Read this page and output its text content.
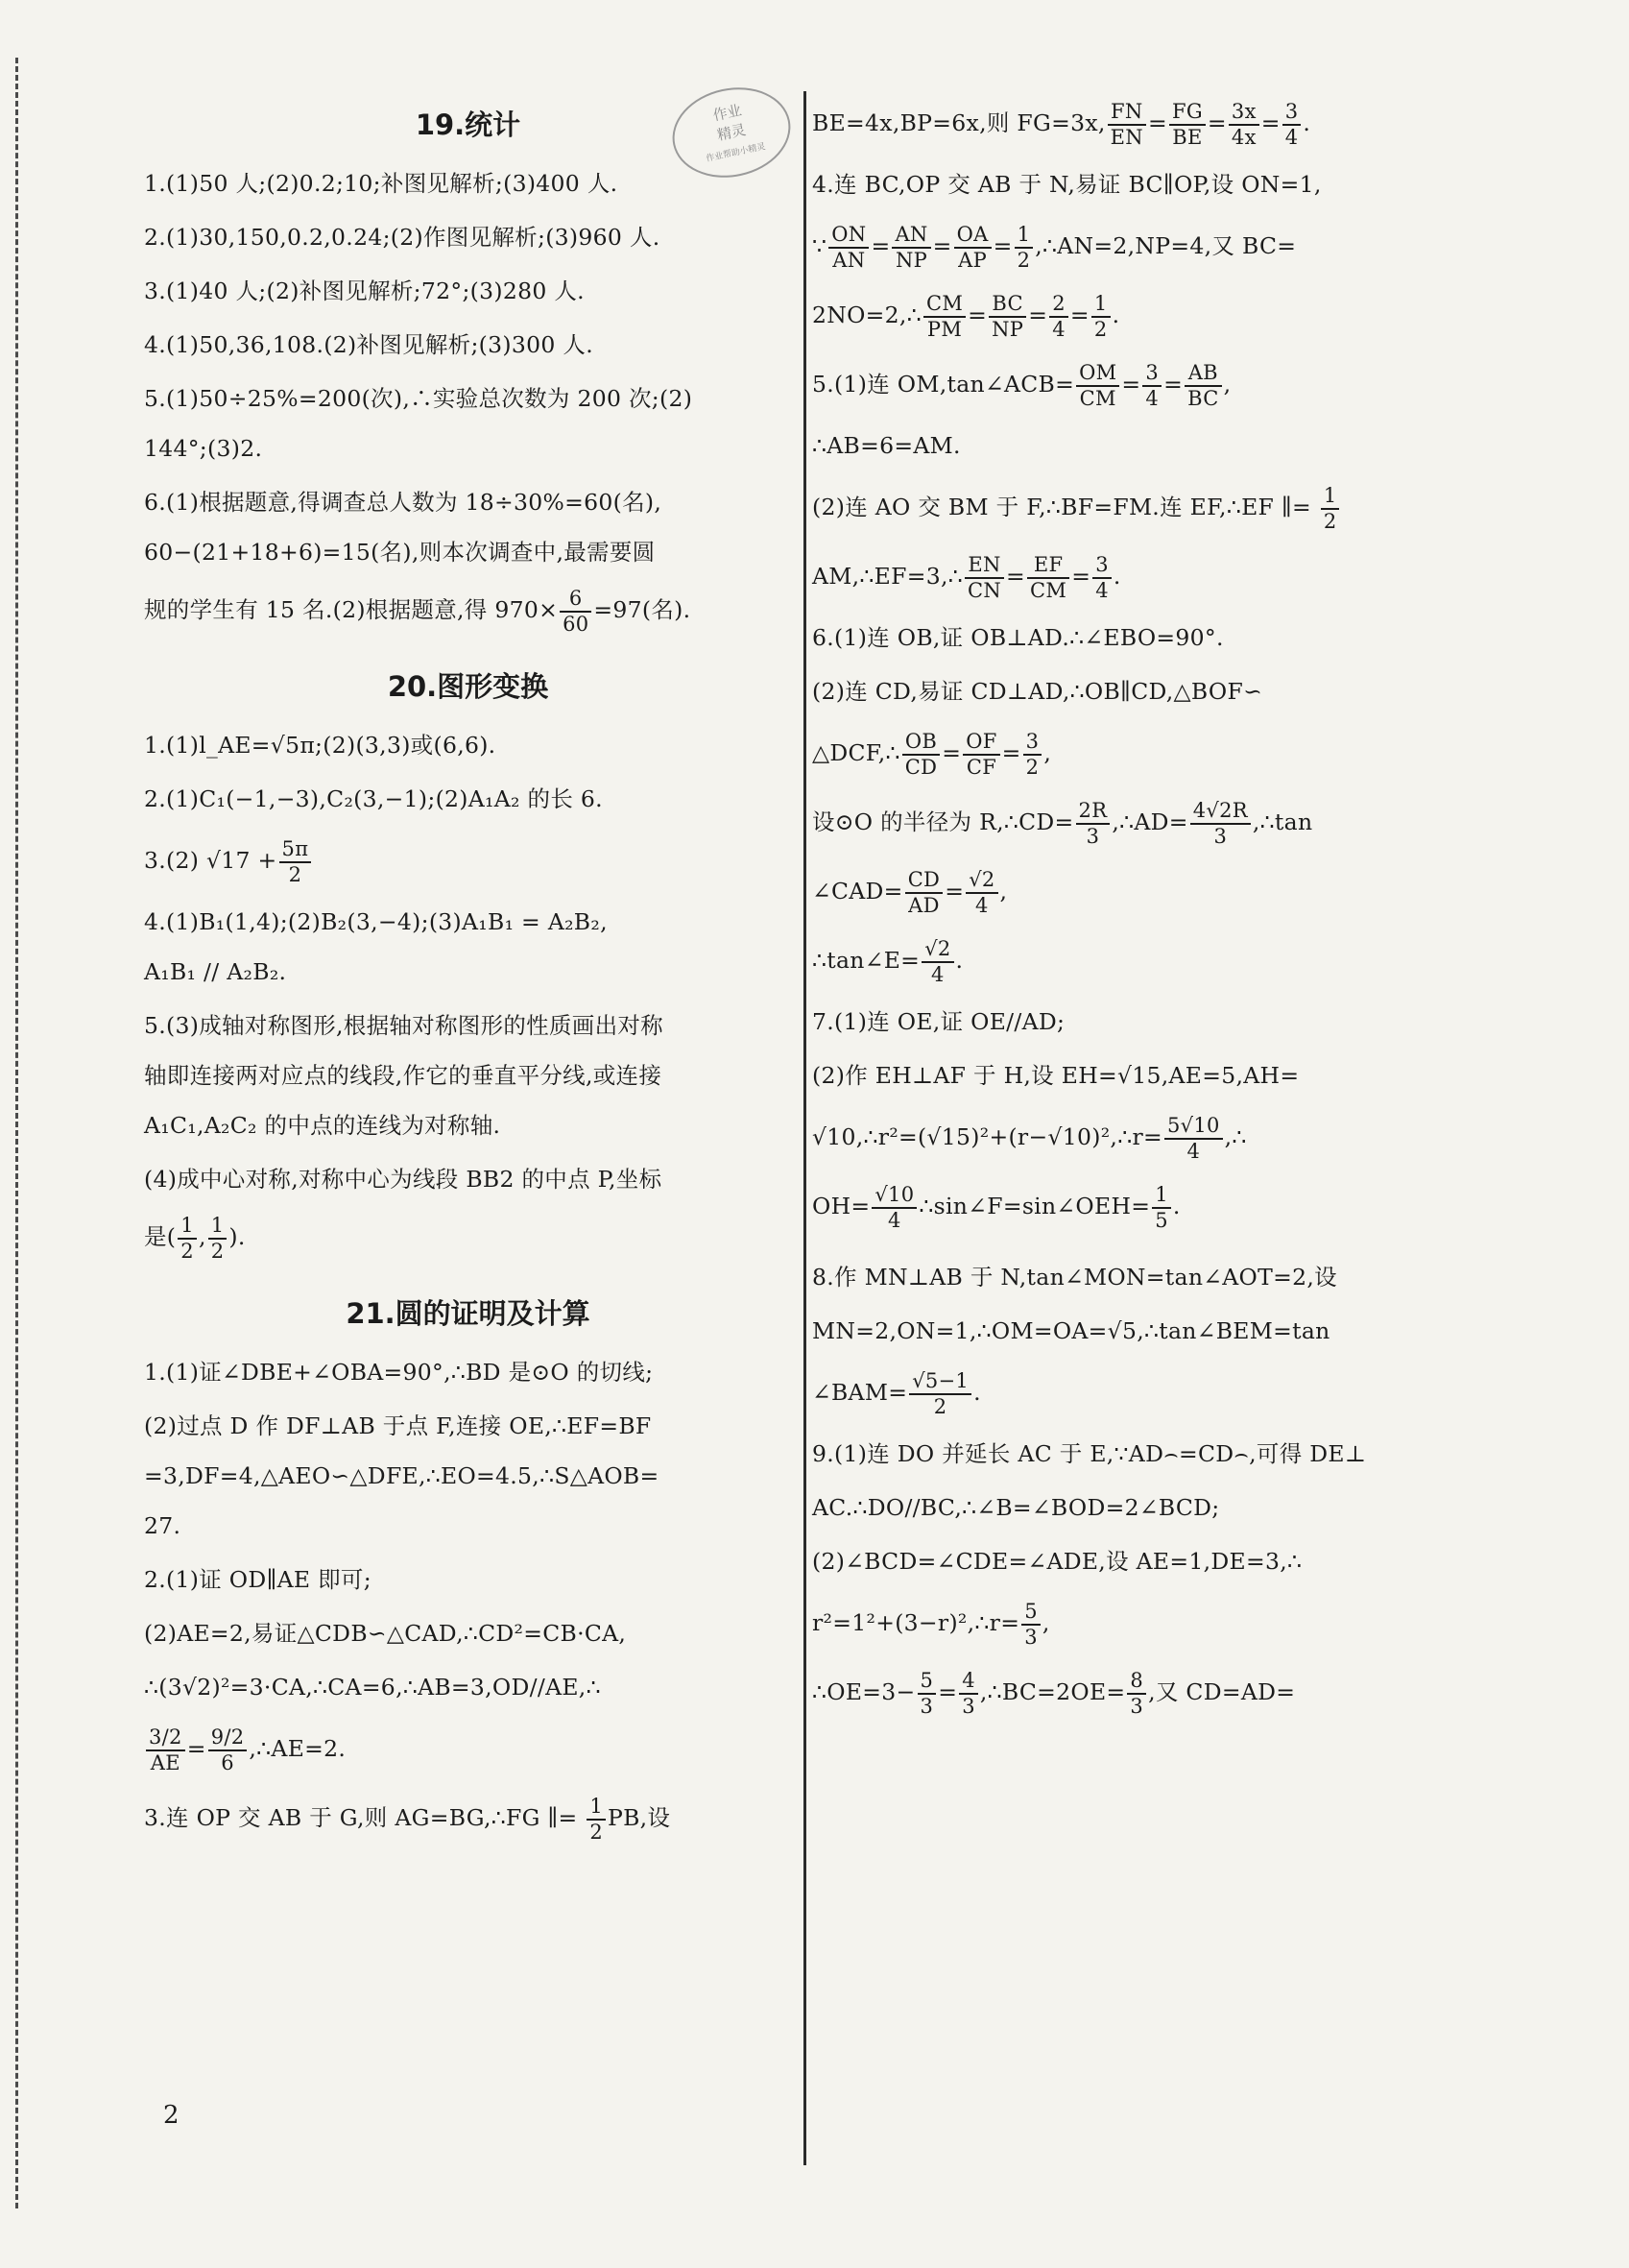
作业
精灵
作业帮助小精灵
19.统计
1.(1)50 人;(2)0.2;10;补图见解析;(3)400 人.
2.(1)30,150,0.2,0.24;(2)作图见解析;(3)960 人.
3.(1)40 人;(2)补图见解析;72°;(3)280 人.
4.(1)50,36,108.(2)补图见解析;(3)300 人.
5.(1)50÷25%=200(次),∴实验总次数为 200 次;(2)
144°;(3)2.
6.(1)根据题意,得调查总人数为 18÷30%=60(名),
60−(21+18+6)=15(名),则本次调查中,最需要圆
规的学生有 15 名.(2)根据题意,得 $970\times \frac{6}{60} =97$(名).
20.图形变换
1.(1)l_AE=√5π;(2)(3,3)或(6,6).
2.(1)C₁(−1,−3),C₂(3,−1);(2)A₁A₂ 的长 6.
3.(2) $√17 + \frac{5\pi}{2}$
4.(1)B₁(1,4);(2)B₂(3,−4);(3)A₁B₁ = A₂B₂,
A₁B₁ // A₂B₂.
5.(3)成轴对称图形,根据轴对称图形的性质画出对称
轴即连接两对应点的线段,作它的垂直平分线,或连接
A₁C₁,A₂C₂ 的中点的连线为对称轴.
(4)成中心对称,对称中心为线段 BB2 的中点 P,坐标
是( $\frac{1}{2}$ , $\frac{1}{2}$ ).
21.圆的证明及计算
1.(1)证∠DBE+∠OBA=90°,∴BD 是⊙O 的切线;
(2)过点 D 作 DF⊥AB 于点 F,连接 OE,∴EF=BF
=3,DF=4,△AEO∽△DFE,∴EO=4.5,∴S△AOB=
27.
2.(1)证 OD∥AE 即可;
(2)AE=2,易证△CDB∽△CAD,∴CD²=CB·CA,
∴(3√2)²=3·CA,∴CA=6,∴AB=3,OD//AE,∴
$\frac{3/2}{AE} = \frac{9/2}{6}$ ,∴AE=2.
3.连 OP 交 AB 于 G,则 AG=BG,∴FG ∥= $\frac{1}{2}$ PB,设
BE=4x,BP=6x,则 FG=3x, $\frac{FN}{EN} = \frac{FG}{BE} = \frac{3x}{4x} = \frac{3}{4}$ .
4.连 BC,OP 交 AB 于 N,易证 BC∥OP,设 ON=1,
∵ $\frac{ON}{AN} = \frac{AN}{NP} = \frac{OA}{AP} = \frac{1}{2}$ ,∴AN=2,NP=4,又 BC=
2NO=2,∴ $\frac{CM}{PM} = \frac{BC}{NP} = \frac{2}{4} = \frac{1}{2}$ .
5.(1)连 OM,tan∠ACB= $\frac{OM}{CM} = \frac{3}{4} = \frac{AB}{BC}$ ,
∴AB=6=AM.
(2)连 AO 交 BM 于 F,∴BF=FM.连 EF,∴EF ∥= $\frac{1}{2}$
AM,∴EF=3,∴ $\frac{EN}{CN} = \frac{EF}{CM} = \frac{3}{4}$ .
6.(1)连 OB,证 OB⊥AD.∴∠EBO=90°.
(2)连 CD,易证 CD⊥AD,∴OB∥CD,△BOF∽
△DCF,∴ $\frac{OB}{CD} = \frac{OF}{CF} = \frac{3}{2}$ ,
设⊙O 的半径为 R,∴CD= $\frac{2R}{3}$ ,∴AD= $\frac{4√2R}{3}$ ,∴tan
∠CAD= $\frac{CD}{AD} = \frac{√2}{4}$ ,
∴tan∠E= $\frac{√2}{4}$ .
7.(1)连 OE,证 OE//AD;
(2)作 EH⊥AF 于 H,设 EH=√15,AE=5,AH=
√10,∴r²=(√15)²+(r−√10)²,∴r= $\frac{5√10}{4}$ ,∴
$OH= \frac{√10}{4}$ ∴sin∠F=sin∠OEH= $\frac{1}{5}$ .
8.作 MN⊥AB 于 N,tan∠MON=tan∠AOT=2,设
MN=2,ON=1,∴OM=OA=√5,∴tan∠BEM=tan
∠BAM= $\frac{√5-1}{2}$ .
9.(1)连 DO 并延长 AC 于 E,∵AD⌢=CD⌢,可得 DE⊥
AC.∴DO//BC,∴∠B=∠BOD=2∠BCD;
(2)∠BCD=∠CDE=∠ADE,设 AE=1,DE=3,∴
r²=1²+(3−r)²,∴r= $\frac{5}{3}$ ,
∴OE=3− $\frac{5}{3} = \frac{4}{3}$ ,∴BC=2OE= $\frac{8}{3}$ ,又 CD=AD=
2
